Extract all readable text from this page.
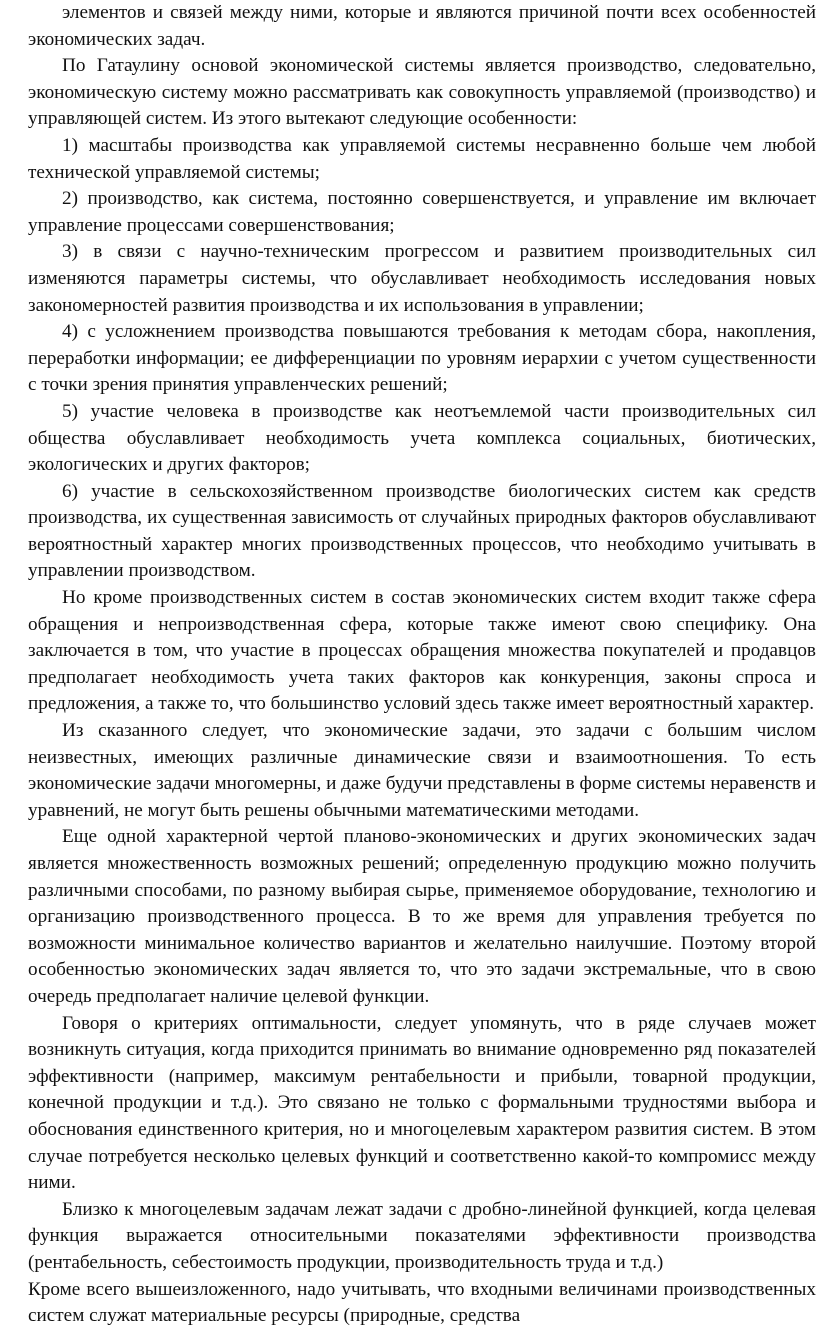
элементов и связей между ними, которые и являются причиной почти всех особенностей экономических задач.

По Гатаулину основой экономической системы является производство, следовательно, экономическую систему можно рассматривать как совокупность управляемой (производство) и управляющей систем. Из этого вытекают следующие особенности:

1) масштабы производства как управляемой системы несравненно больше чем любой технической управляемой системы;

2) производство, как система, постоянно совершенствуется, и управление им включает управление процессами совершенствования;

3) в связи с научно-техническим прогрессом и развитием производительных сил изменяются параметры системы, что обуславливает необходимость исследования новых закономерностей развития производства и их использования в управлении;

4) с усложнением производства повышаются требования к методам сбора, накопления, переработки информации; ее дифференциации по уровням иерархии с учетом существенности с точки зрения принятия управленческих решений;

5) участие человека в производстве как неотъемлемой части производительных сил общества обуславливает необходимость учета комплекса социальных, биотических, экологических и других факторов;

6) участие в сельскохозяйственном производстве биологических систем как средств производства, их существенная зависимость от случайных природных факторов обуславливают вероятностный характер многих производственных процессов, что необходимо учитывать в управлении производством.

Но кроме производственных систем в состав экономических систем входит также сфера обращения и непроизводственная сфера, которые также имеют свою специфику. Она заключается в том, что участие в процессах обращения множества покупателей и продавцов предполагает необходимость учета таких факторов как конкуренция, законы спроса и предложения, а также то, что большинство условий здесь также имеет вероятностный характер.

Из сказанного следует, что экономические задачи, это задачи с большим числом неизвестных, имеющих различные динамические связи и взаимоотношения. То есть экономические задачи многомерны, и даже будучи представлены в форме системы неравенств и уравнений, не могут быть решены обычными математическими методами.

Еще одной характерной чертой планово-экономических и других экономических задач является множественность возможных решений; определенную продукцию можно получить различными способами, по разному выбирая сырье, применяемое оборудование, технологию и организацию производственного процесса. В то же время для управления требуется по возможности минимальное количество вариантов и желательно наилучшие. Поэтому второй особенностью экономических задач является то, что это задачи экстремальные, что в свою очередь предполагает наличие целевой функции.

Говоря о критериях оптимальности, следует упомянуть, что в ряде случаев может возникнуть ситуация, когда приходится принимать во внимание одновременно ряд показателей эффективности (например, максимум рентабельности и прибыли, товарной продукции, конечной продукции и т.д.). Это связано не только с формальными трудностями выбора и обоснования единственного критерия, но и многоцелевым характером развития систем. В этом случае потребуется несколько целевых функций и соответственно какой-то компромисс между ними.

Близко к многоцелевым задачам лежат задачи с дробно-линейной функцией, когда целевая функция выражается относительными показателями эффективности производства (рентабельность, себестоимость продукции, производительность труда и т.д.)

Кроме всего вышеизложенного, надо учитывать, что входными величинами производственных систем служат материальные ресурсы (природные, средства
